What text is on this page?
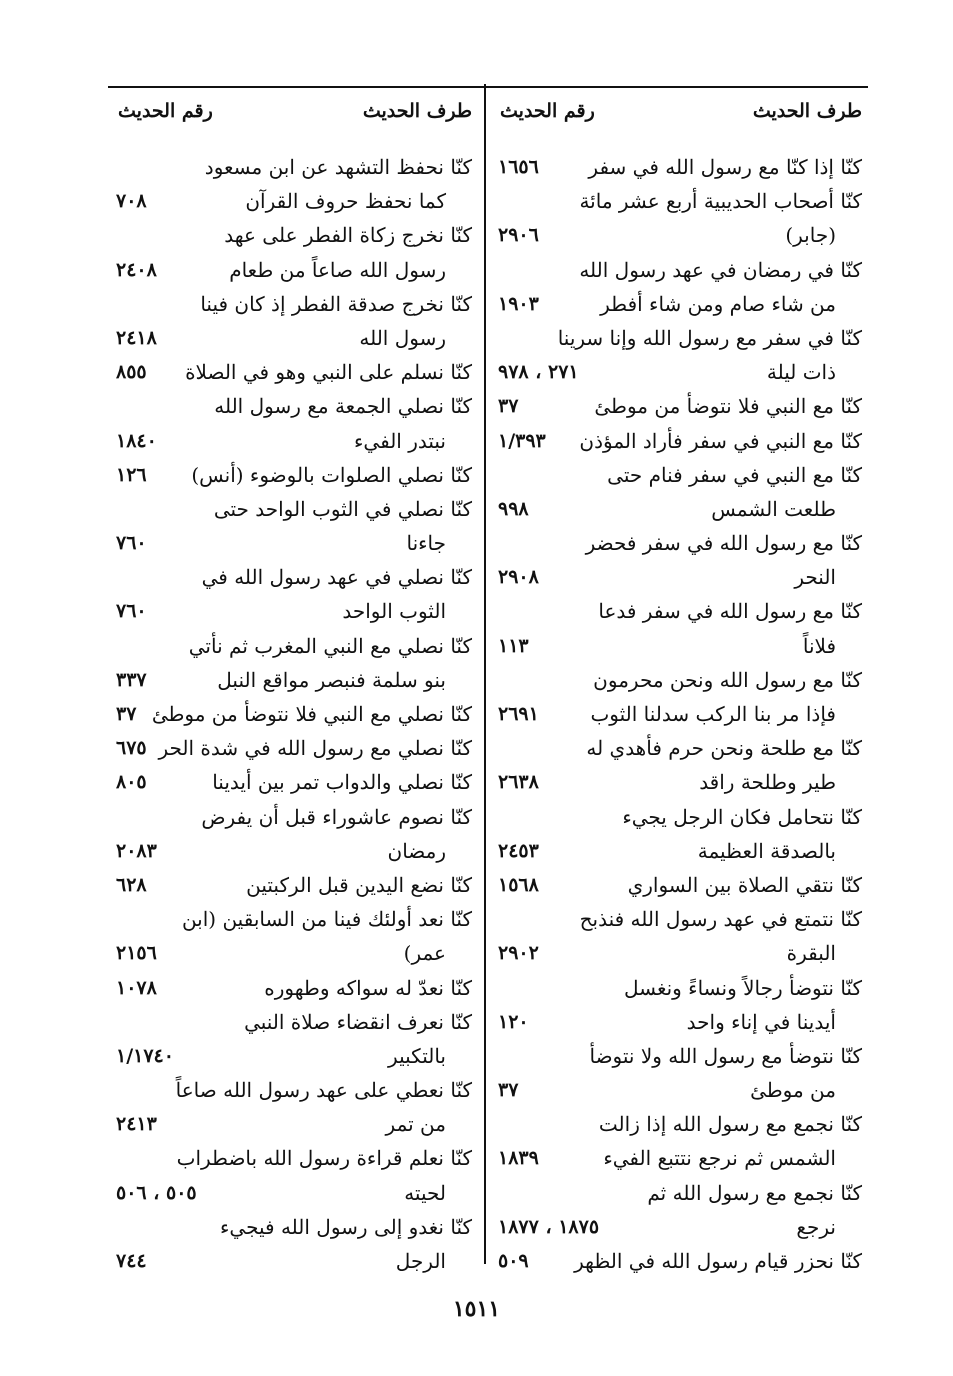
طرف الحديث
رقم الحديث
كنّا إذا كنّا مع رسول الله في سفر
١٦٥٦
كنّا أصحاب الحديبية أربع عشر مائة
(جابر)
٢٩٠٦
كنّا في رمضان في عهد رسول الله
من شاء صام ومن شاء أفطر
١٩٠٣
كنّا في سفر مع رسول الله وإنا سرينا
ذات ليلة
٢٧١ ، ٩٧٨
كنّا مع النبي فلا نتوضأ من موطئ
٣٧
كنّا مع النبي في سفر فأراد المؤذن
١/٣٩٣
كنّا مع النبي في سفر فنام حتى
طلعت الشمس
٩٩٨
كنّا مع رسول الله في سفر فحضر
النحر
٢٩٠٨
كنّا مع رسول الله في سفر فدعا
فلاناً
١١٣
كنّا مع رسول الله ونحن محرمون
فإذا مر بنا الركب سدلنا الثوب
٢٦٩١
كنّا مع طلحة ونحن حرم فأهدي له
طير وطلحة راقد
٢٦٣٨
كنّا نتحامل فكان الرجل يجيء
بالصدقة العظيمة
٢٤٥٣
كنّا نتقي الصلاة بين السواري
١٥٦٨
كنّا نتمتع في عهد رسول الله فنذبح
البقرة
٢٩٠٢
كنّا نتوضأ رجالاً ونساءً ونغسل
أيدينا في إناء واحد
١٢٠
كنّا نتوضأ مع رسول الله ولا نتوضأ
من موطئ
٣٧
كنّا نجمع مع رسول الله إذا زالت
الشمس ثم نرجع نتتبع الفيء
١٨٣٩
كنّا نجمع مع رسول الله ثم
نرجع
١٨٧٥ ، ١٨٧٧
كنّا نحزر قيام رسول الله في الظهر
٥٠٩
طرف الحديث
رقم الحديث
كنّا نحفظ التشهد عن ابن مسعود
كما نحفظ حروف القرآن
٧٠٨
كنّا نخرج زكاة الفطر على عهد
رسول الله صاعاً من طعام
٢٤٠٨
كنّا نخرج صدقة الفطر إذ كان فينا
رسول الله
٢٤١٨
كنّا نسلم على النبي وهو في الصلاة
٨٥٥
كنّا نصلي الجمعة مع رسول الله
نبتدر الفيء
١٨٤٠
كنّا نصلي الصلوات بالوضوء (أنس)
١٢٦
كنّا نصلي في الثوب الواحد حتى
جاءنا
٧٦٠
كنّا نصلي في عهد رسول الله في
الثوب الواحد
٧٦٠
كنّا نصلي مع النبي المغرب ثم نأتي
بنو سلمة فنبصر مواقع النبل
٣٣٧
كنّا نصلي مع النبي فلا نتوضأ من موطئ
٣٧
كنّا نصلي مع رسول الله في شدة الحر
٦٧٥
كنّا نصلي والدواب تمر بين أيدينا
٨٠٥
كنّا نصوم عاشوراء قبل أن يفرض
رمضان
٢٠٨٣
كنّا نضع اليدين قبل الركبتين
٦٢٨
كنّا نعد أولئك فينا من السابقين (ابن
عمر)
٢١٥٦
كنّا نعدّ له سواكه وطهوره
١٠٧٨
كنّا نعرف انقضاء صلاة النبي
بالتكبير
١/١٧٤٠
كنّا نعطي على عهد رسول الله صاعاً
من تمر
٢٤١٣
كنّا نعلم قراءة رسول الله باضطراب
لحيته
٥٠٥ ، ٥٠٦
كنّا نغدو إلى رسول الله فيجيء
الرجل
٧٤٤
١٥١١
